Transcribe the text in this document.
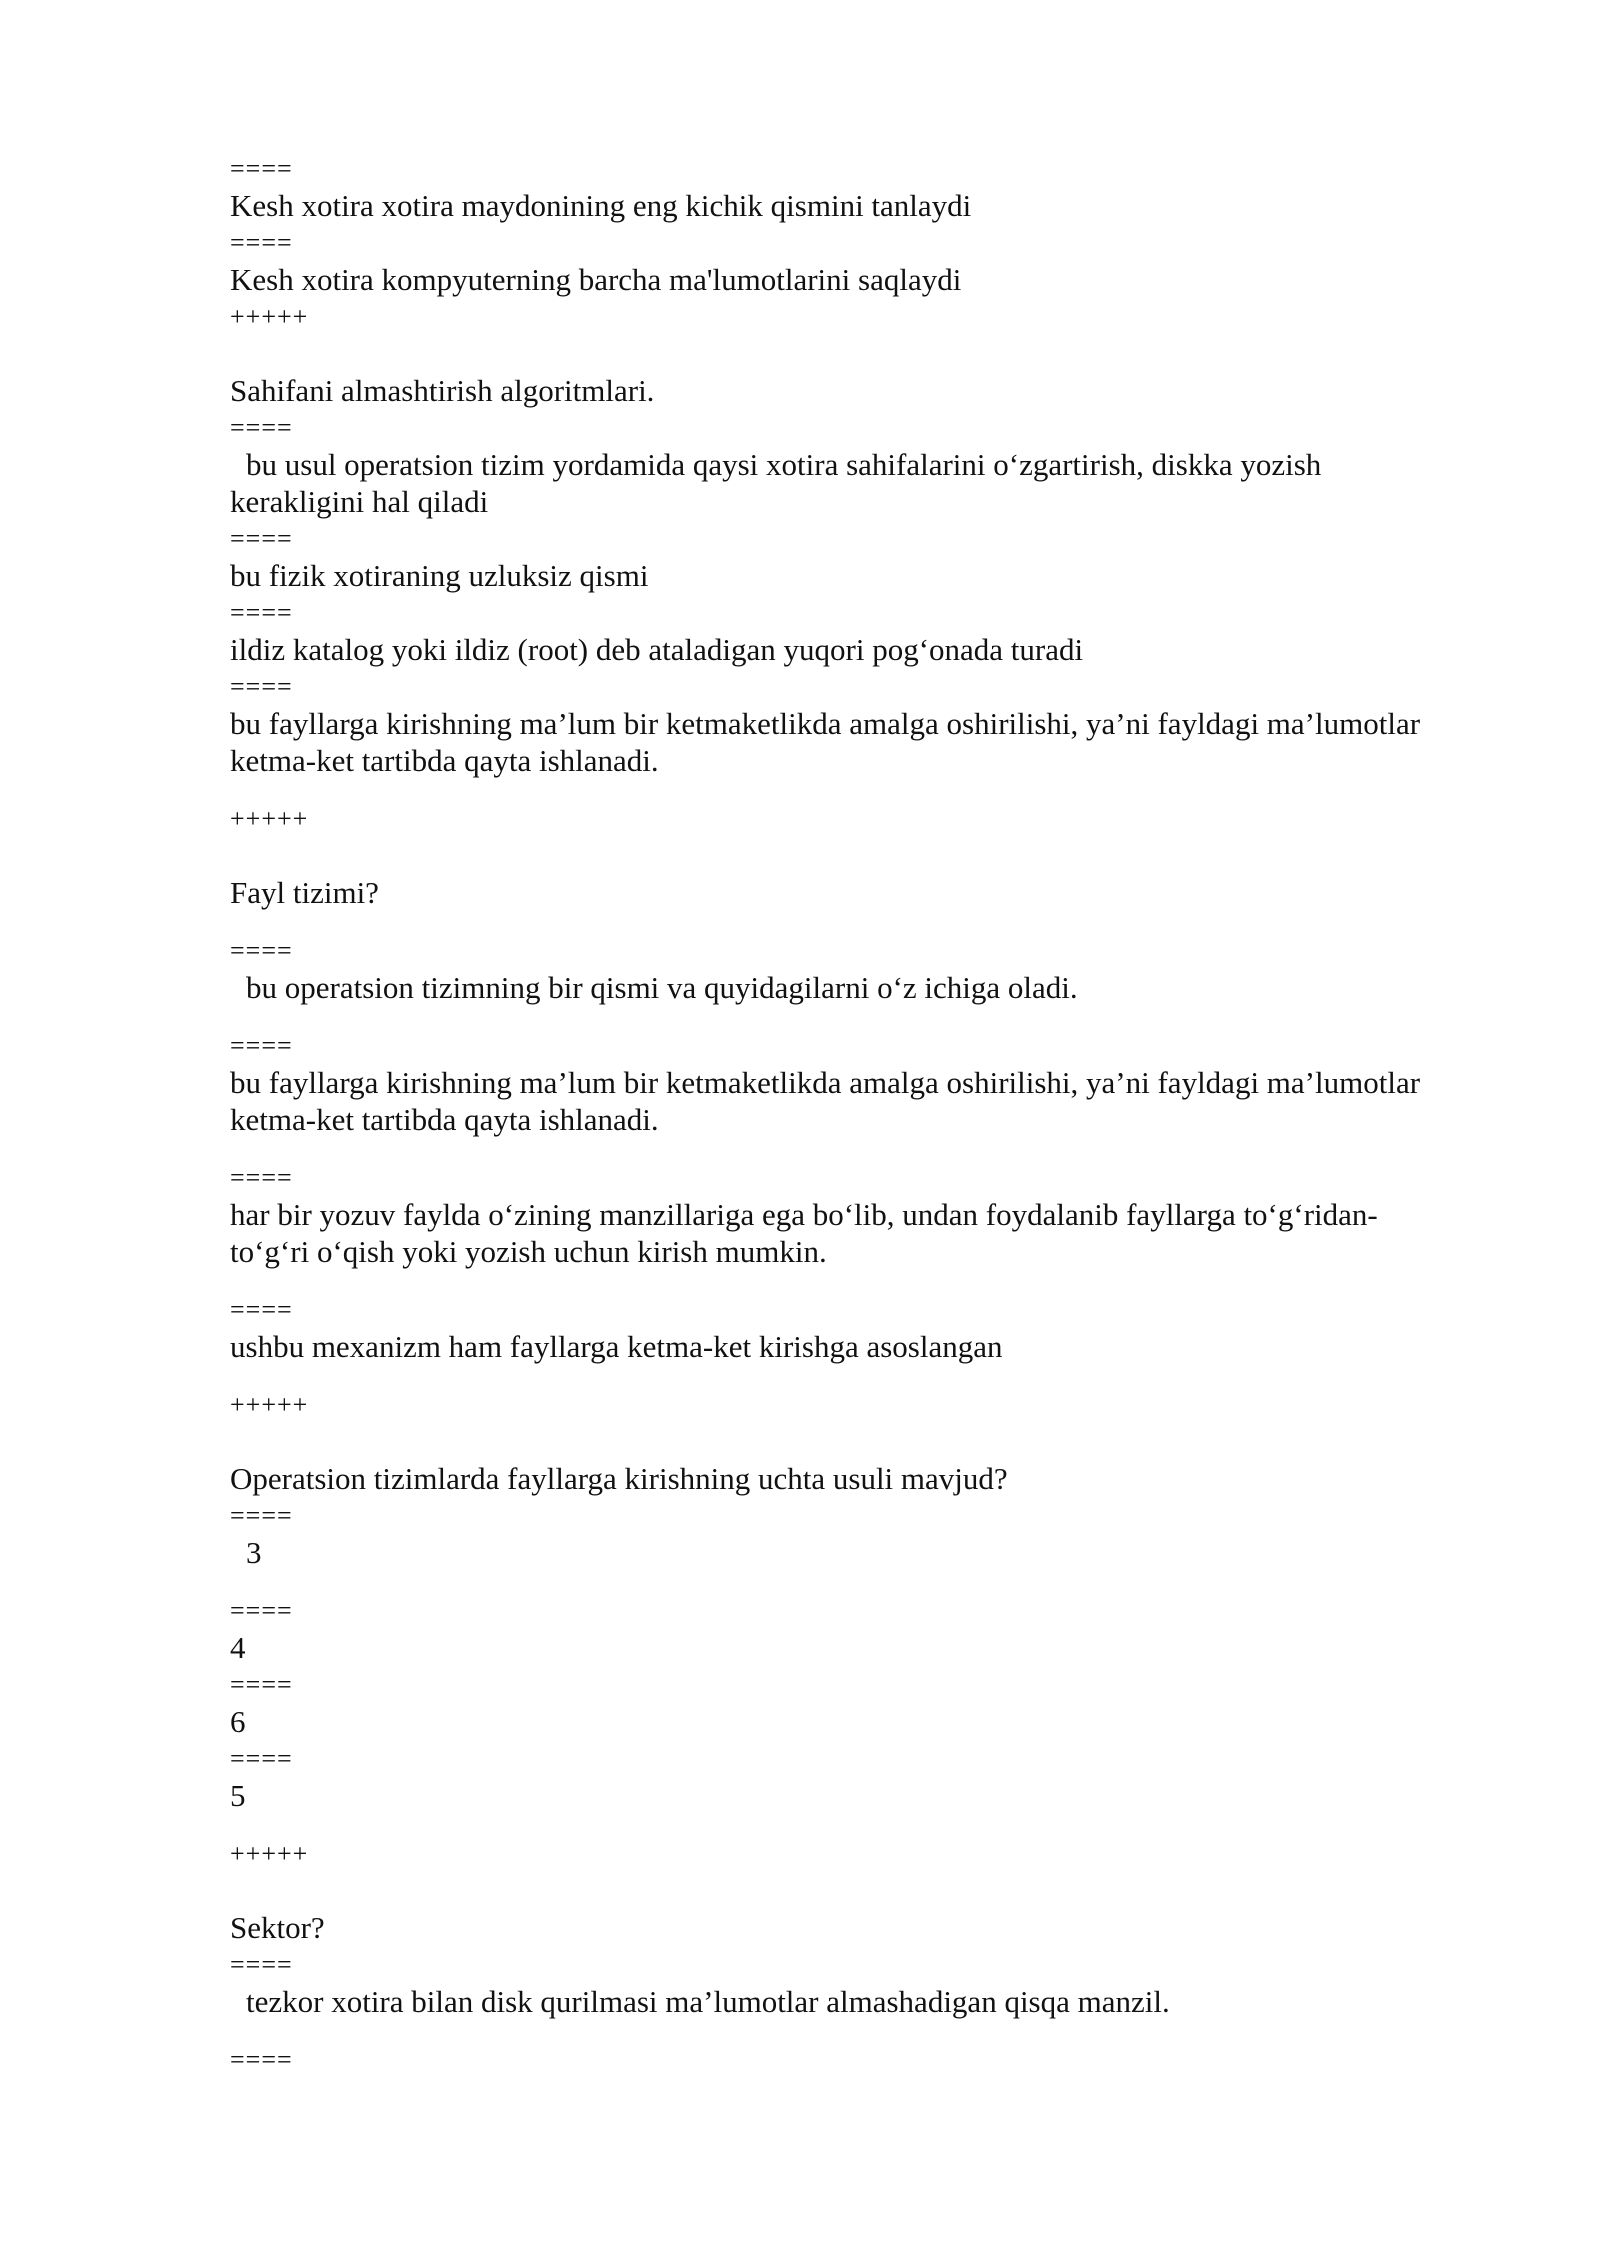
====
Kesh xotira xotira maydonining eng kichik qismini tanlaydi
====
Kesh xotira kompyuterning barcha ma'lumotlarini saqlaydi
+++++
Sahifani almashtirish algoritmlari.
====
bu usul operatsion tizim yordamida qaysi xotira sahifalarini o‘zgartirish, diskka yozish
kerakligini hal qiladi
====
bu fizik xotiraning uzluksiz qismi
====
ildiz katalog yoki ildiz (root) deb ataladigan yuqori pog‘onada turadi
====
bu fayllarga kirishning ma’lum bir ketmaketlikda amalga oshirilishi, ya’ni fayldagi ma’lumotlar
ketma-ket tartibda qayta ishlanadi.
+++++
Fayl tizimi?
====
bu operatsion tizimning bir qismi va quyidagilarni o‘z ichiga oladi.
====
bu fayllarga kirishning ma’lum bir ketmaketlikda amalga oshirilishi, ya’ni fayldagi ma’lumotlar
ketma-ket tartibda qayta ishlanadi.
====
har bir yozuv faylda o‘zining manzillariga ega bo‘lib, undan foydalanib fayllarga to‘g‘ridan-
to‘g‘ri o‘qish yoki yozish uchun kirish mumkin.
====
ushbu mexanizm ham fayllarga ketma-ket kirishga asoslangan
+++++
Operatsion tizimlarda fayllarga kirishning uchta usuli mavjud?
====
3
====
4
====
6
====
5
+++++
Sektor?
====
tezkor xotira bilan disk qurilmasi ma’lumotlar almashadigan qisqa manzil.
====
